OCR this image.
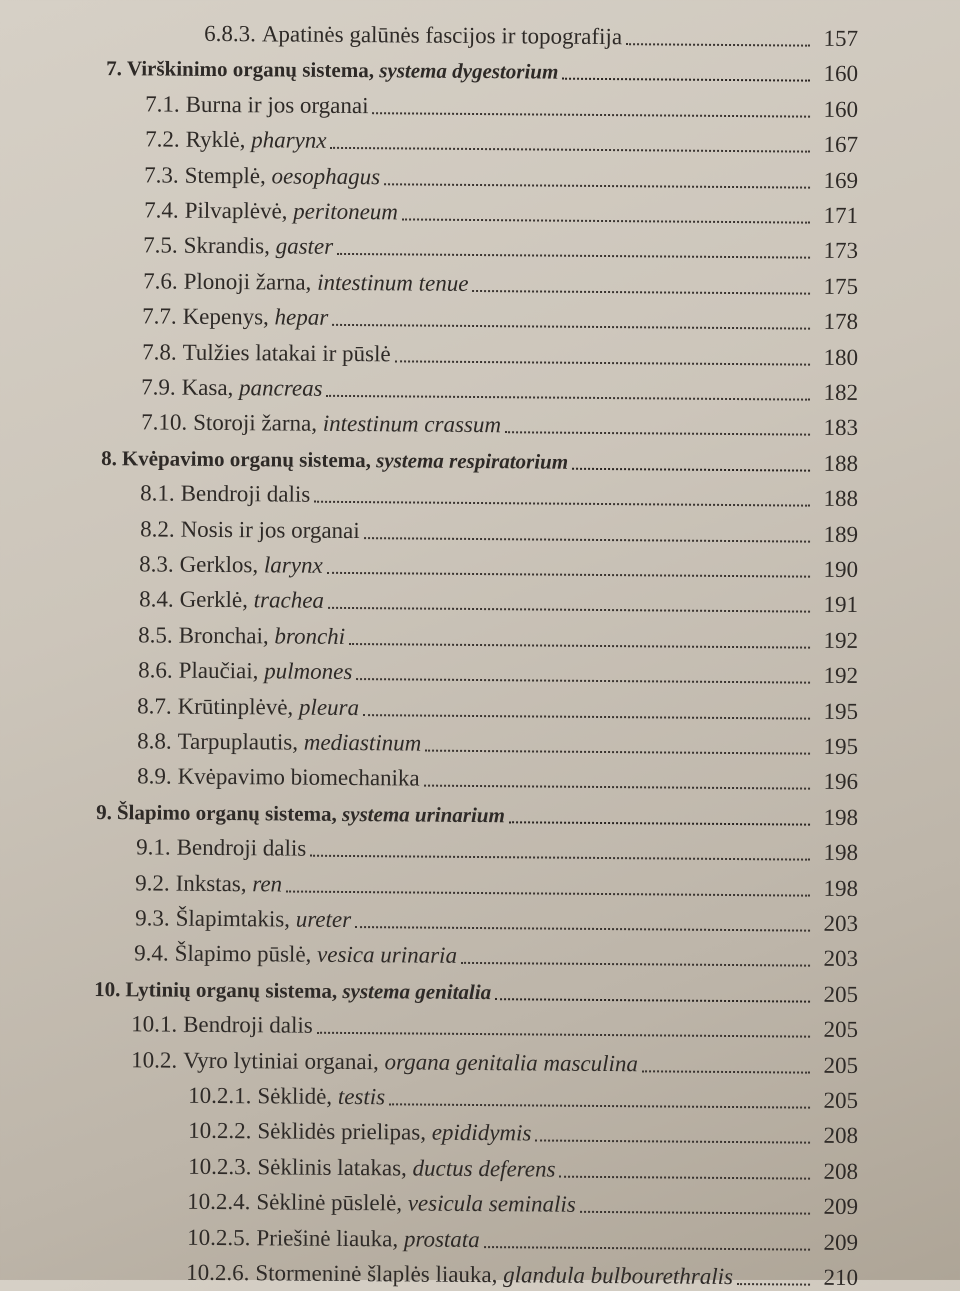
6.8.3. Apatinės galūnės fascijos ir topografija	157
7. Virškinimo organų sistema, systema dygestorium	160
7.1. Burna ir jos organai	160
7.2. Ryklė, pharynx	167
7.3. Stemplė, oesophagus	169
7.4. Pilvaplėvė, peritoneum	171
7.5. Skrandis, gaster	173
7.6. Plonoji žarna, intestinum tenue	175
7.7. Kepenys, hepar	178
7.8. Tulžies latakai ir pūslė	180
7.9. Kasa, pancreas	182
7.10. Storoji žarna, intestinum crassum	183
8. Kvėpavimo organų sistema, systema respiratorium	188
8.1. Bendroji dalis	188
8.2. Nosis ir jos organai	189
8.3. Gerklos, larynx	190
8.4. Gerklė, trachea	191
8.5. Bronchai, bronchi	192
8.6. Plaučiai, pulmones	192
8.7. Krūtinplėvė, pleura	195
8.8. Tarpuplautis, mediastinum	195
8.9. Kvėpavimo biomechanika	196
9. Šlapimo organų sistema, systema urinarium	198
9.1. Bendroji dalis	198
9.2. Inkstas, ren	198
9.3. Šlapimtakis, ureter	203
9.4. Šlapimo pūslė, vesica urinaria	203
10. Lytinių organų sistema, systema genitalia	205
10.1. Bendroji dalis	205
10.2. Vyro lytiniai organai, organa genitalia masculina	205
10.2.1. Sėklidė, testis	205
10.2.2. Sėklidės prielipas, epididymis	208
10.2.3. Sėklinis latakas, ductus deferens	208
10.2.4. Sėklinė pūslelė, vesicula seminalis	209
10.2.5. Priešinė liauka, prostata	209
10.2.6. Stormeninė šlaplės liauka, glandula bulbourethralis	210
